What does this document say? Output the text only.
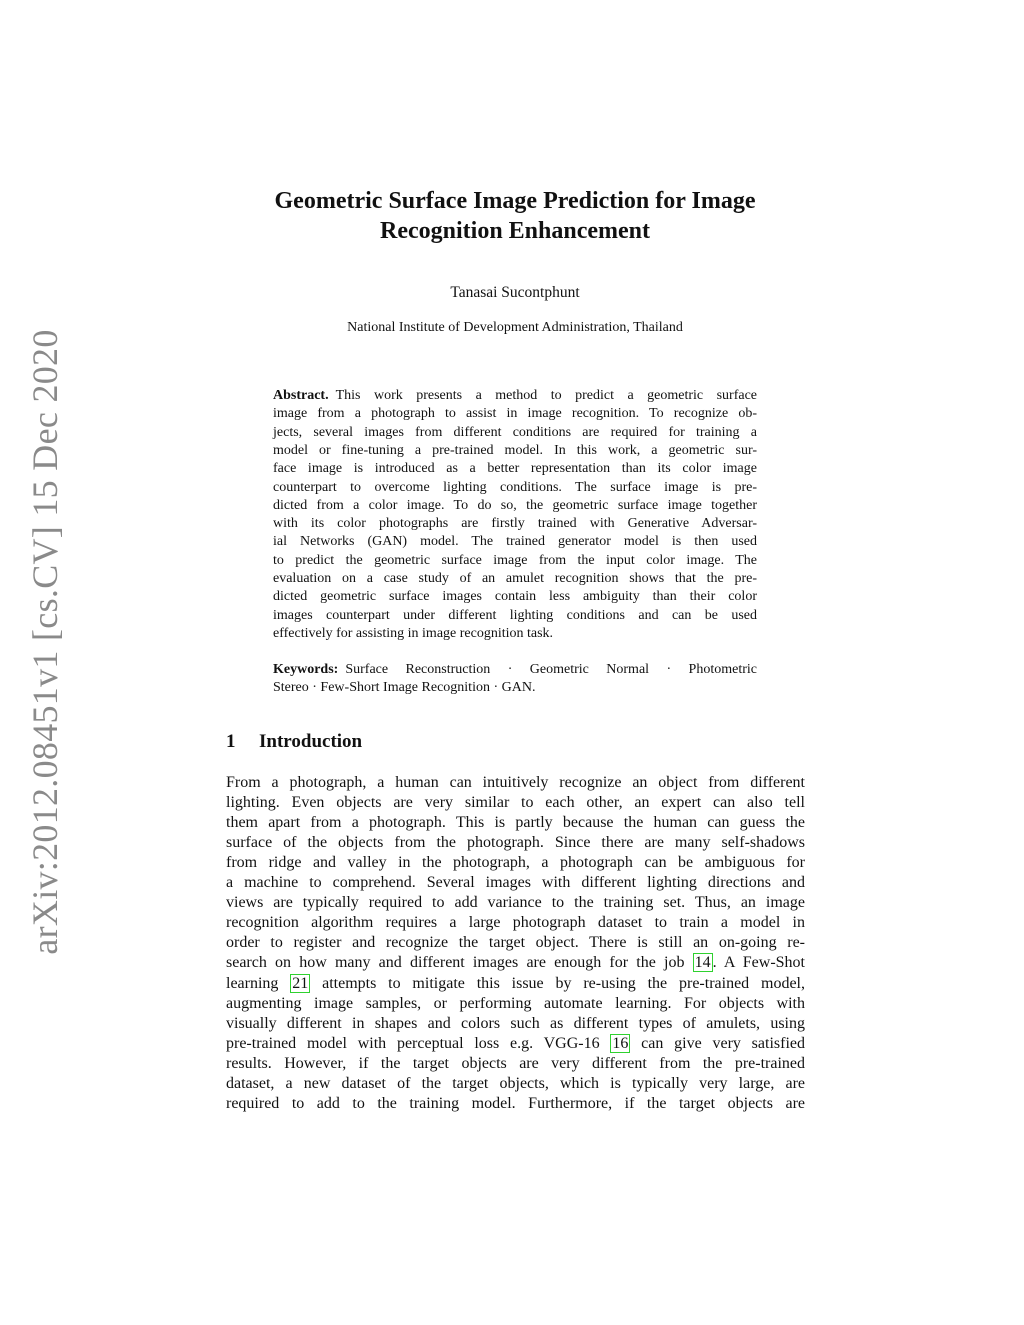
arXiv:2012.08451v1 [cs.CV] 15 Dec 2020
Geometric Surface Image Prediction for Image
Recognition Enhancement
Tanasai Sucontphunt
National Institute of Development Administration, Thailand
Abstract.  This work presents a method to predict a geometric surface
image from a photograph to assist in image recognition. To recognize ob-
jects, several images from different conditions are required for training a
model or fine-tuning a pre-trained model. In this work, a geometric sur-
face image is introduced as a better representation than its color image
counterpart to overcome lighting conditions. The surface image is pre-
dicted from a color image. To do so, the geometric surface image together
with its color photographs are firstly trained with Generative Adversar-
ial Networks (GAN) model. The trained generator model is then used
to predict the geometric surface image from the input color image. The
evaluation on a case study of an amulet recognition shows that the pre-
dicted geometric surface images contain less ambiguity than their color
images counterpart under different lighting conditions and can be used
effectively for assisting in image recognition task.
Keywords:  Surface Reconstruction · Geometric Normal · Photometric
Stereo · Few-Short Image Recognition · GAN.
1 Introduction
From a photograph, a human can intuitively recognize an object from different
lighting. Even objects are very similar to each other, an expert can also tell
them apart from a photograph. This is partly because the human can guess the
surface of the objects from the photograph. Since there are many self-shadows
from ridge and valley in the photograph, a photograph can be ambiguous for
a machine to comprehend. Several images with different lighting directions and
views are typically required to add variance to the training set. Thus, an image
recognition algorithm requires a large photograph dataset to train a model in
order to register and recognize the target object. There is still an on-going re-
search on how many and different images are enough for the job 14 . A Few-Shot
learning 21 attempts to mitigate this issue by re-using the pre-trained model,
augmenting image samples, or performing automate learning. For objects with
visually different in shapes and colors such as different types of amulets, using
pre-trained model with perceptual loss e.g. VGG-16 16 can give very satisfied
results. However, if the target objects are very different from the pre-trained
dataset, a new dataset of the target objects, which is typically very large, are
required to add to the training model. Furthermore, if the target objects are
